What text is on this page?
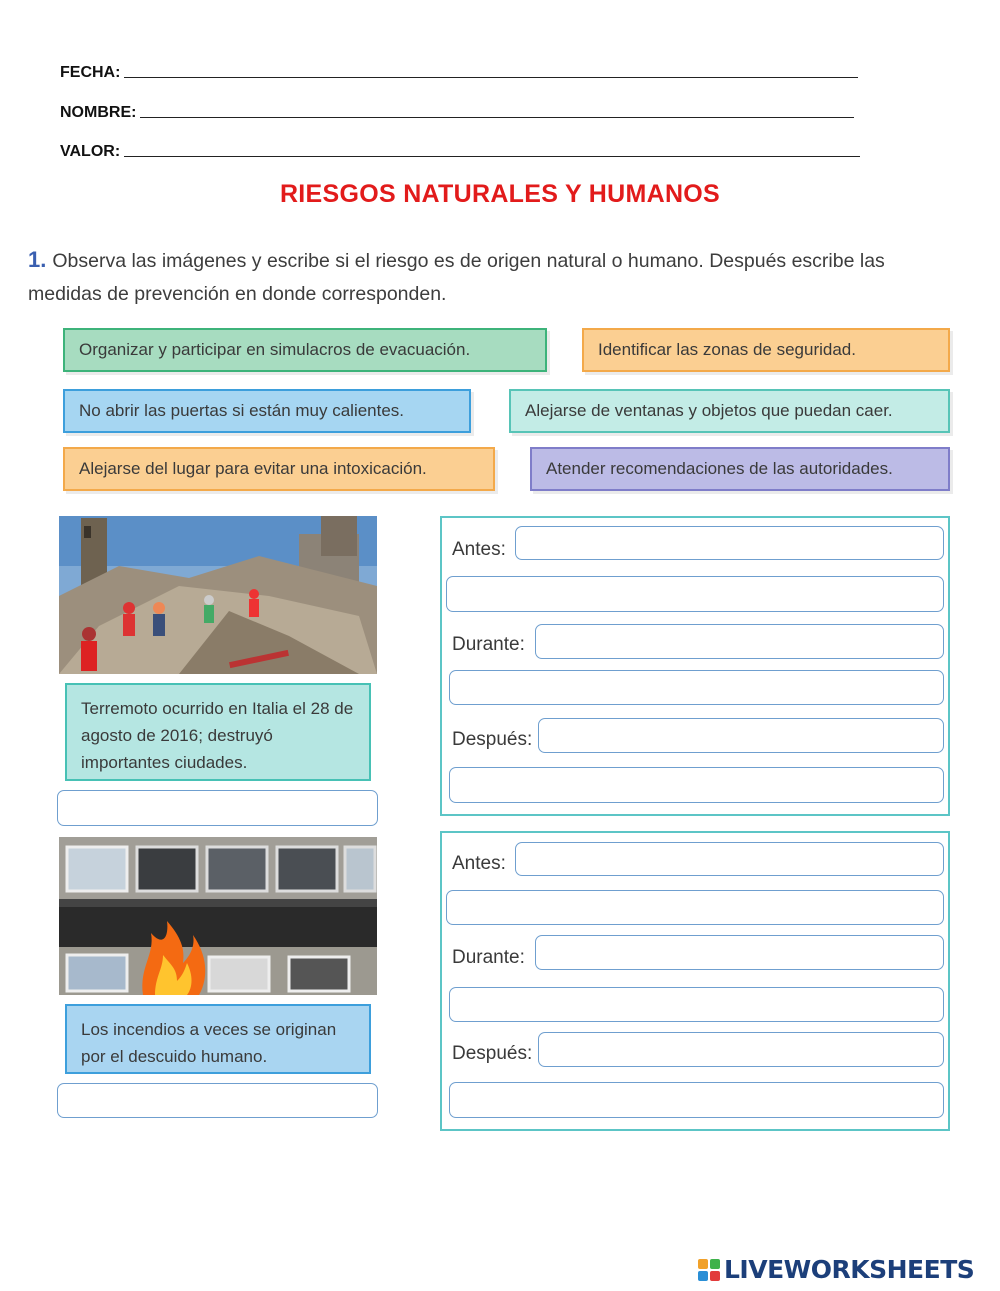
FECHA:
NOMBRE:
VALOR:
RIESGOS NATURALES Y HUMANOS
1. Observa las imágenes y escribe si el riesgo es de origen natural o humano. Después escribe las medidas de prevención en donde corresponden.
Organizar y participar en simulacros de evacuación.	Identificar las zonas de seguridad.
No abrir las puertas si están muy calientes.	Alejarse de ventanas y objetos que puedan caer.
Alejarse del lugar para evitar una intoxicación.	Atender recomendaciones de las autoridades.
Terremoto ocurrido en Italia el 28 de agosto de 2016; destruyó importantes ciudades.
Antes:
Durante:
Después:
Los incendios a veces se originan por el descuido humano.
Antes:
Durante:
Después:
LIVEWORKSHEETS
